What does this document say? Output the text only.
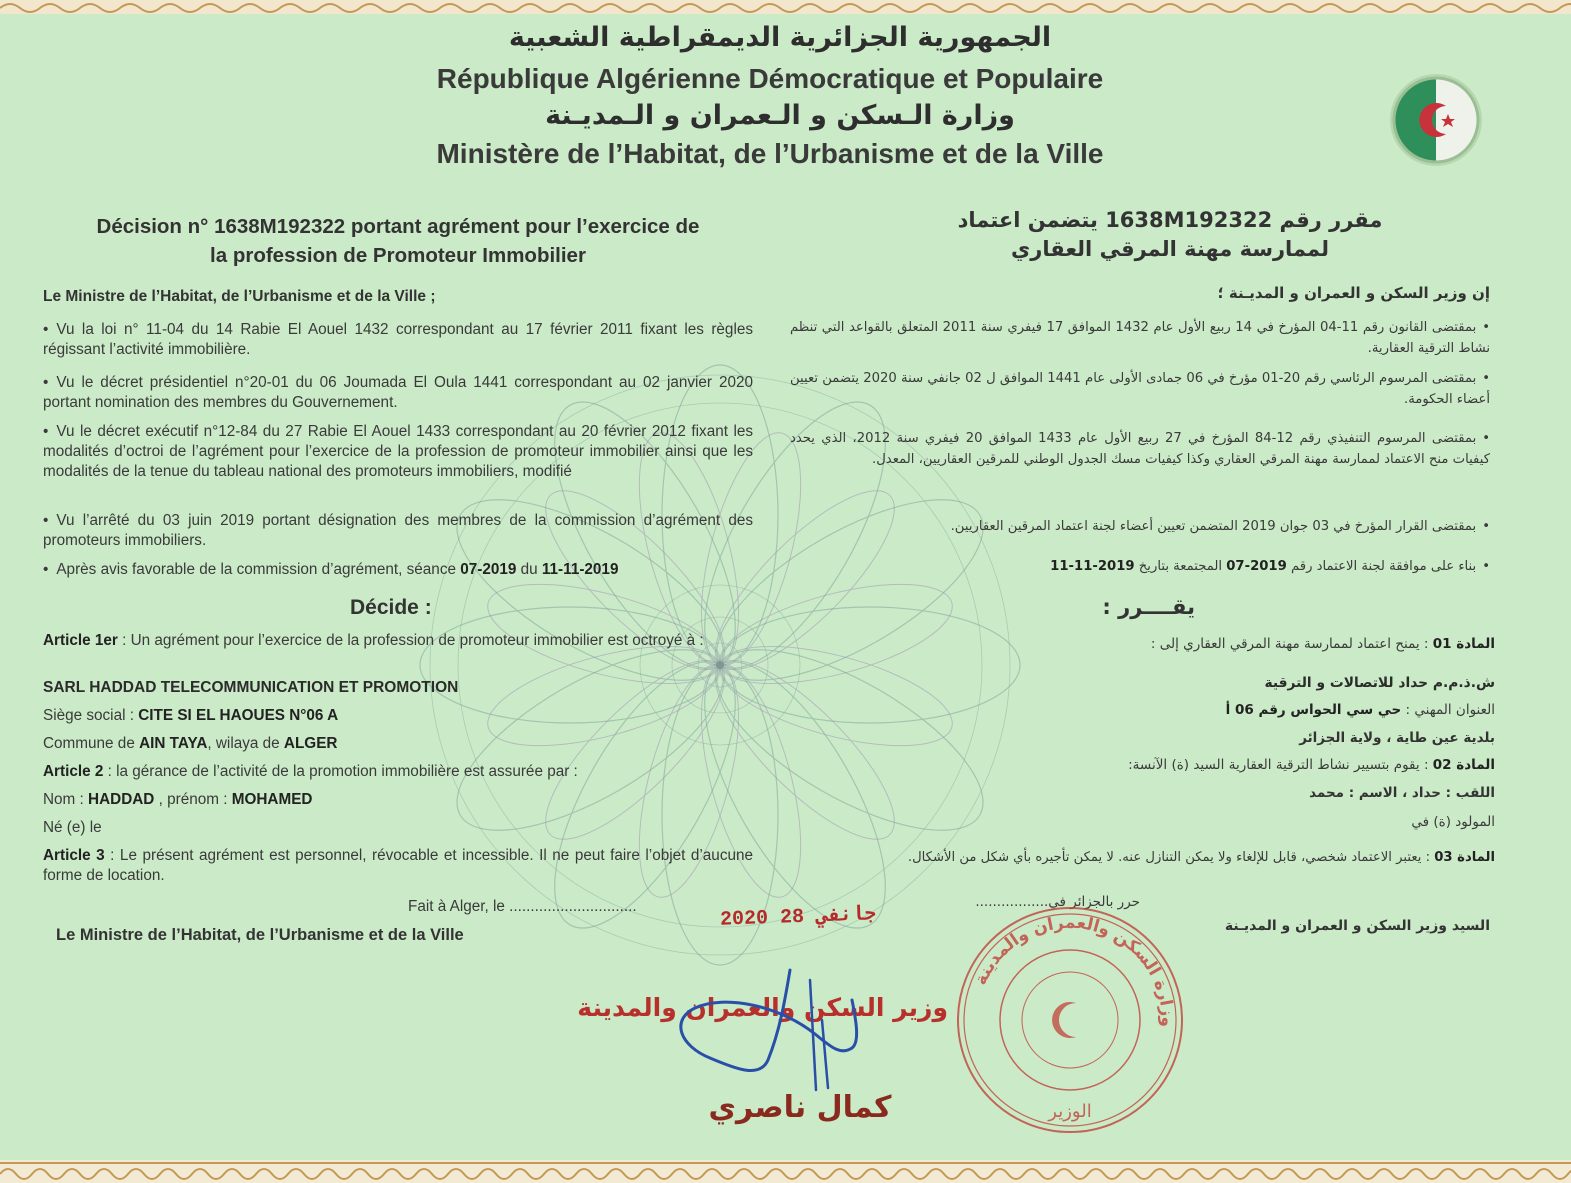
الجمهورية الجزائرية الديمقراطية الشعبية

République Algérienne Démocratique et Populaire

وزارة الـسكن و الـعمران و الـمديـنة

Ministère de l’Habitat, de l’Urbanisme et de la Ville

Décision n° 1638M192322 portant agrément pour l’exercice de
la profession de Promoteur Immobilier

Le Ministre de l’Habitat, de l’Urbanisme et de la Ville ;

• Vu la loi n° 11-04 du 14 Rabie El Aouel 1432 correspondant au 17 février 2011 fixant les règles régissant l’activité immobilière.

• Vu le décret présidentiel n°20-01 du 06 Joumada El Oula 1441 correspondant au 02 janvier 2020 portant nomination des membres du Gouvernement.

• Vu le décret exécutif n°12-84 du 27 Rabie El Aouel 1433 correspondant au 20 février 2012 fixant les modalités d’octroi de l’agrément pour l’exercice de la profession de promoteur immobilier ainsi que les modalités de la tenue du tableau national des promoteurs immobiliers, modifié

• Vu l’arrêté du 03 juin 2019 portant désignation des membres de la commission d’agrément des promoteurs immobiliers.

• Après avis favorable de la commission d’agrément, séance 07-2019 du 11-11-2019

Décide :

Article 1er : Un agrément pour l’exercice de la profession de promoteur immobilier est octroyé à :

SARL HADDAD TELECOMMUNICATION ET PROMOTION

Siège social : CITE SI EL HAOUES N°06 A

Commune de AIN TAYA, wilaya de ALGER

Article 2 : la gérance de l’activité de la promotion immobilière est assurée par :

Nom : HADDAD , prénom : MOHAMED

Né (e) le

Article 3 : Le présent agrément est personnel, révocable et incessible. Il ne peut faire l’objet d’aucune forme de location.

Fait à Alger, le ..............................

Le Ministre de l’Habitat, de l’Urbanisme et de la Ville

مقرر رقم 1638M192322 يتضمن اعتماد
لممارسة مهنة المرقي العقاري

إن وزير السكن و العمران و المديـنة ؛

• بمقتضى القانون رقم 11-04 المؤرخ في 14 ربيع الأول عام 1432 الموافق 17 فيفري سنة 2011 المتعلق بالقواعد التي تنظم نشاط الترقية العقارية.

• بمقتضى المرسوم الرئاسي رقم 20-01 مؤرخ في 06 جمادى الأولى عام 1441 الموافق ل 02 جانفي سنة 2020 يتضمن تعيين أعضاء الحكومة.

• بمقتضى المرسوم التنفيذي رقم 12-84 المؤرخ في 27 ربيع الأول عام 1433 الموافق 20 فيفري سنة 2012، الذي يحدد كيفيات منح الاعتماد لممارسة مهنة المرقي العقاري وكذا كيفيات مسك الجدول الوطني للمرقين العقاريين، المعدل.

• بمقتضى القرار المؤرخ في 03 جوان 2019 المتضمن تعيين أعضاء لجنة اعتماد المرقين العقاريين.

• بناء على موافقة لجنة الاعتماد رقم 2019-07 المجتمعة بتاريخ 2019-11-11

يقــــرر :

المادة 01 : يمنح اعتماد لممارسة مهنة المرقي العقاري إلى :

ش.ذ.م.م حداد للاتصالات و الترقية

العنوان المهني : حي سي الحواس رقم 06 أ

بلدية عين طاية ، ولاية الجزائر

المادة 02 : يقوم بتسيير نشاط الترقية العقارية السيد (ة) الآنسة:

اللقب : حداد ، الاسم : محمد

المولود (ة) في

المادة 03 : يعتبر الاعتماد شخصي، قابل للإلغاء ولا يمكن التنازل عنه. لا يمكن تأجيره بأي شكل من الأشكال.

حرر بالجزائر في.................

السيد وزير السكن و العمران و المديـنة

2020 جانفي 28

وزير السكن والعمران والمدينة

كمال ناصري

وزارة السكن والعمران والمدينة
الوزير
